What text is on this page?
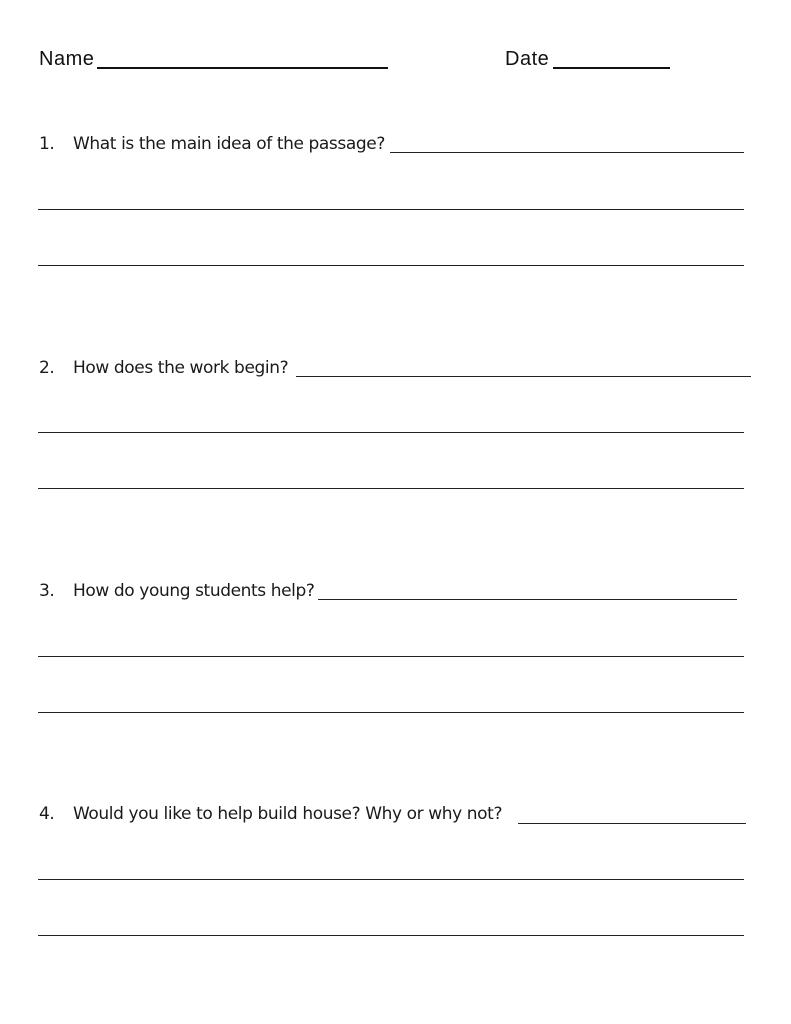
Name	Date
1. What is the main idea of the passage?
2. How does the work begin?
3. How do young students help?
4. Would you like to help build house? Why or why not?
